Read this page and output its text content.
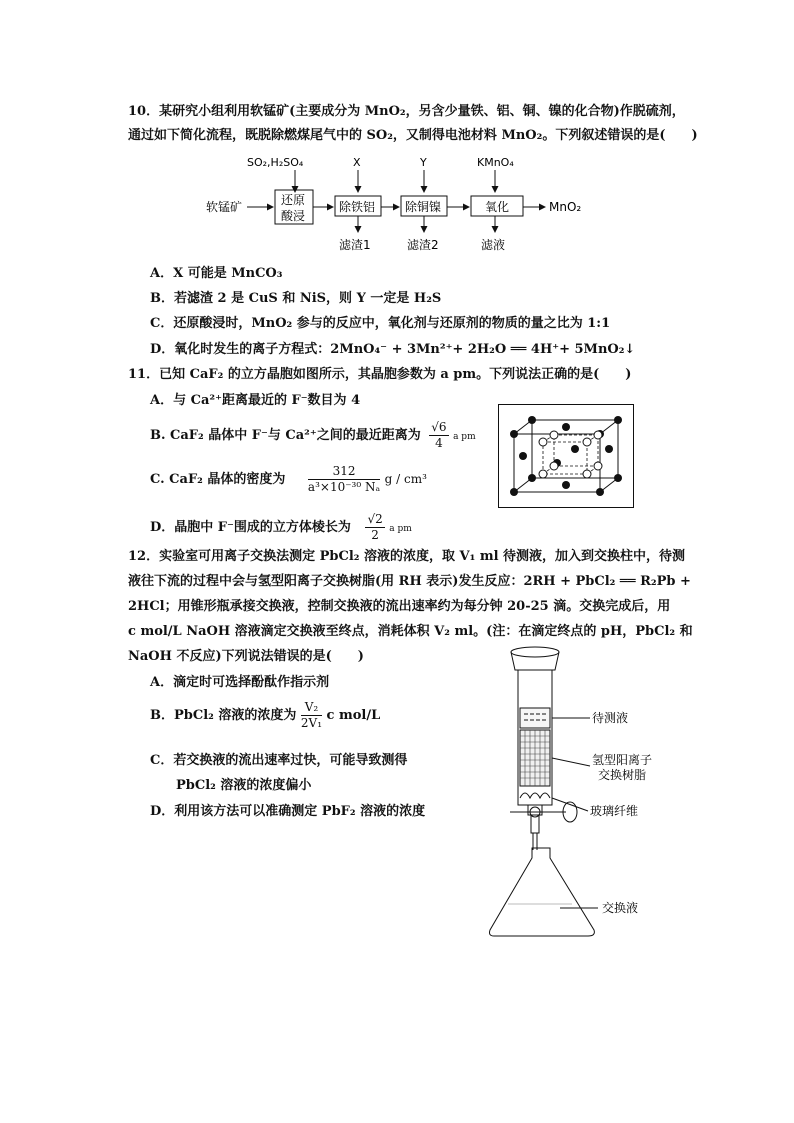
10．某研究小组利用软锰矿(主要成分为 MnO₂，另含少量铁、铝、铜、镍的化合物)作脱硫剂，
通过如下简化流程，既脱除燃煤尾气中的 SO₂，又制得电池材料 MnO₂。下列叙述错误的是(　　)
SO₂,H₂SO₄	X	Y	KMnO₄
软锰矿	还原
酸浸
除铁铝 除铜镍	氧化	MnO₂
滤渣1	滤渣2	滤液
A．X 可能是 MnCO₃
B．若滤渣 2 是 CuS 和 NiS，则 Y 一定是 H₂S
C．还原酸浸时，MnO₂ 参与的反应中，氧化剂与还原剂的物质的量之比为 1:1
D．氧化时发生的离子方程式：2MnO₄⁻ + 3Mn²⁺+ 2H₂O ══ 4H⁺+ 5MnO₂↓
11．已知 CaF₂ 的立方晶胞如图所示，其晶胞参数为 a pm。下列说法正确的是(　　)
A．与 Ca²⁺距离最近的 F⁻数目为 4
B. CaF₂ 晶体中 F⁻与 Ca²⁺之间的最近距离为 $\frac{√6}{4}$ a pm
C. CaF₂ 晶体的密度为 $\frac{312}{\text{a³×10⁻³⁰ Nₐ}}$ g / cm³
D．晶胞中 F⁻围成的立方体棱长为 $\frac{√2}{2}$ a pm
12．实验室可用离子交换法测定 PbCl₂ 溶液的浓度，取 V₁ ml 待测液，加入到交换柱中，待测
液往下流的过程中会与氢型阳离子交换树脂(用 RH 表示)发生反应：2RH + PbCl₂ ══ R₂Pb +
2HCl；用锥形瓶承接交换液，控制交换液的流出速率约为每分钟 20-25 滴。交换完成后，用
c mol/L NaOH 溶液滴定交换液至终点，消耗体积 V₂ ml。(注：在滴定终点的 pH，PbCl₂ 和
NaOH 不反应)下列说法错误的是(　　)
A．滴定时可选择酚酞作指示剂
B．PbCl₂ 溶液的浓度为 $\frac{\text{V₂}}{\text{2V₁}}$ c mol/L
C．若交换液的流出速率过快，可能导致测得
PbCl₂ 溶液的浓度偏小
D．利用该方法可以准确测定 PbF₂ 溶液的浓度
待测液
氢型阳离子
交换树脂
玻璃纤维
交换液
